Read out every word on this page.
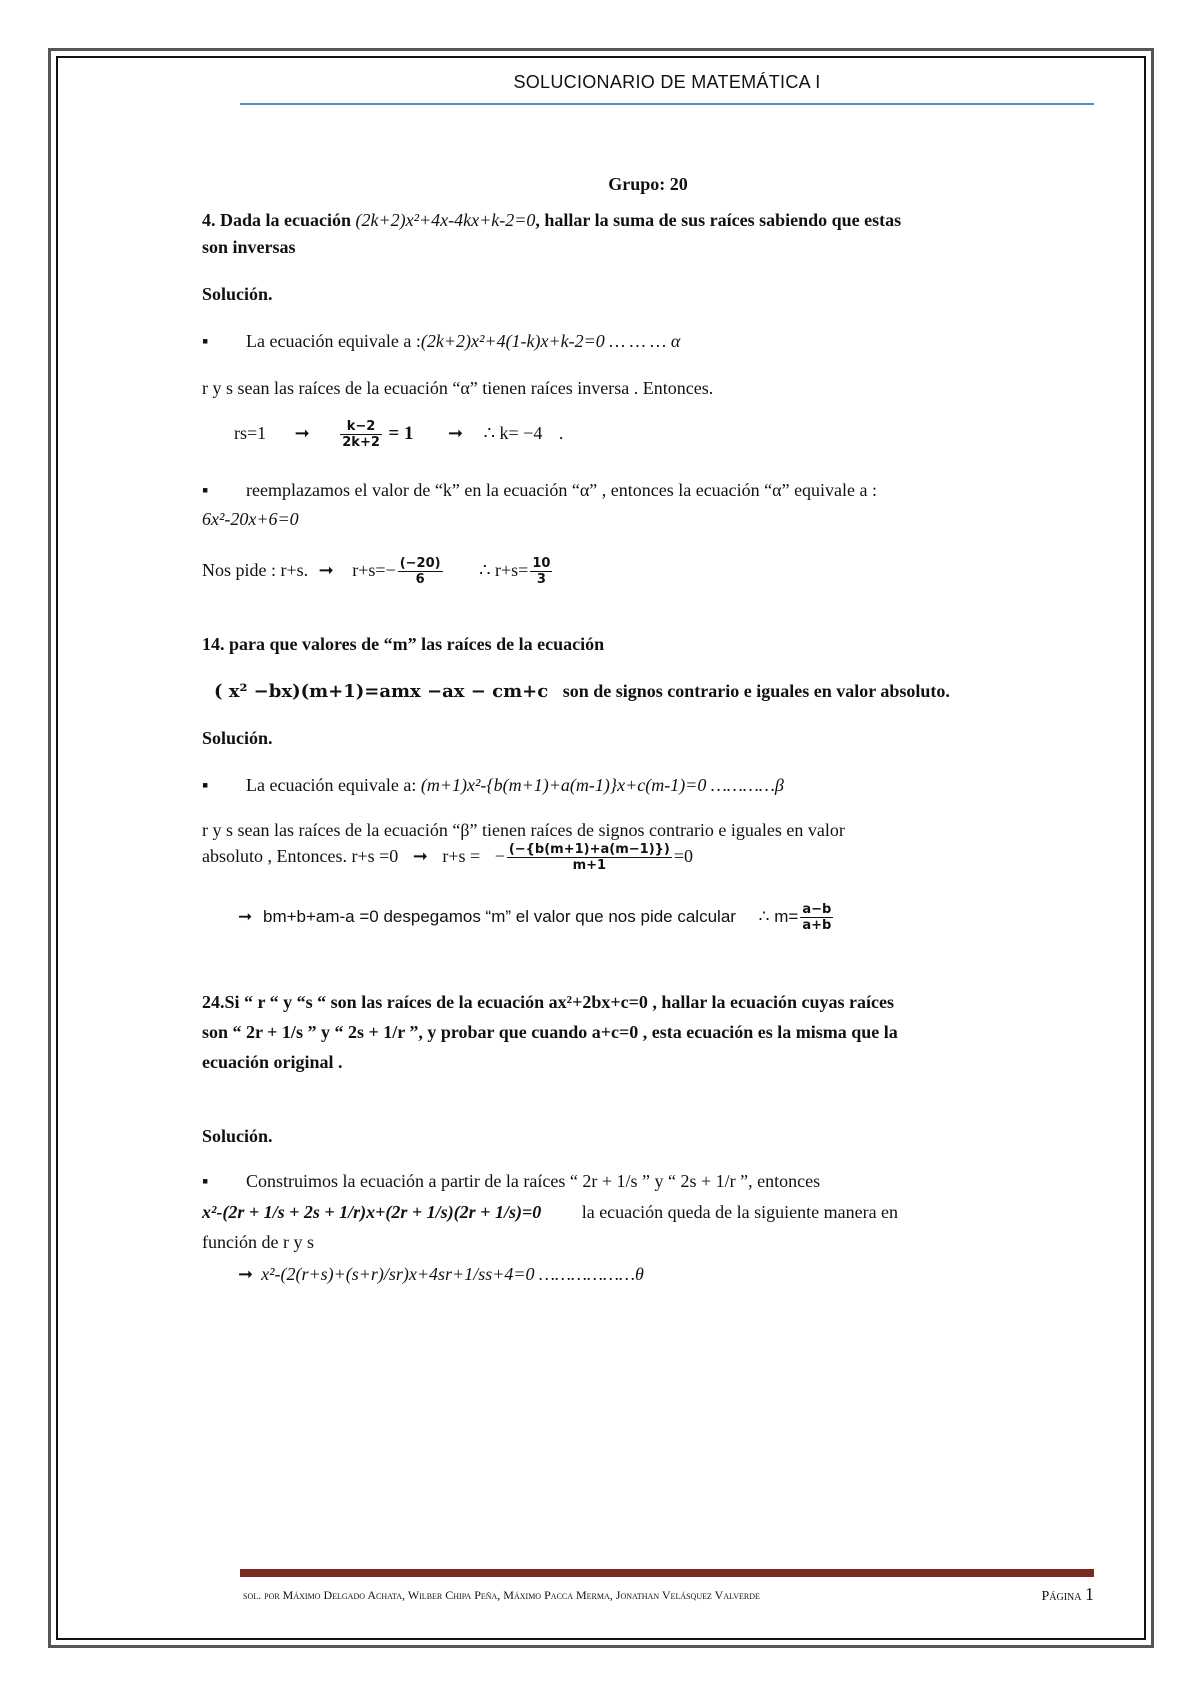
SOLUCIONARIO DE MATEMÁTICA I
Grupo: 20
4. Dada la ecuación (2k+2)x²+4x-4kx+k-2=0, hallar la suma de sus raíces sabiendo que estas
son inversas
Solución.
▪ La ecuación equivale a :(2k+2)x²+4(1-k)x+k-2=0 … … … α
r y s sean las raíces de la ecuación “α” tienen raíces inversa . Entonces.
rs=1 ➞ $\frac{k-2}{2k+2} = 1$ ➞ ∴ k= −4 .
▪ reemplazamos el valor de “k” en la ecuación “α” , entonces la ecuación “α” equivale a :
6x²-20x+6=0
Nos pide : r+s. ➞ $r+s=- \frac{(-20)}{6}$ ∴ $r+s= \frac{10}{3}$
14. para que valores de “m” las raíces de la ecuación
( x² −bx)(m+1)=amx −ax − cm+c son de signos contrario e iguales en valor absoluto.
Solución.
▪ La ecuación equivale a: (m+1)x²-{b(m+1)+a(m-1)}x+c(m-1)=0 …………β
r y s sean las raíces de la ecuación “β” tienen raíces de signos contrario e iguales en valor
absoluto , Entonces. r+s =0 ➞ r+s = − $\frac{(-\{b(m+1)+a(m-1)\})}{m+1} =0$
➞ bm+b+am-a =0 despegamos “m” el valor que nos pide calcular ∴ $m= \frac{a-b}{a+b}$
24.Si “ r “ y “s “ son las raíces de la ecuación ax²+2bx+c=0 , hallar la ecuación cuyas raíces
son “ 2r + 1/s ” y “ 2s + 1/r ”, y probar que cuando a+c=0 , esta ecuación es la misma que la
ecuación original .
Solución.
▪ Construimos la ecuación a partir de la raíces “ 2r + 1/s ” y “ 2s + 1/r ”, entonces
x²-(2r + 1/s + 2s + 1/r)x+(2r + 1/s)(2r + 1/s)=0 la ecuación queda de la siguiente manera en
función de r y s
➞ x²-(2(r+s)+(s+r)/sr)x+4sr+1/ss+4=0 ………………θ
sol. por Máximo Delgado Achata, Wilber Chipa Peña, Máximo Pacca Merma, Jonathan Velásquez Valverde	Página 1
